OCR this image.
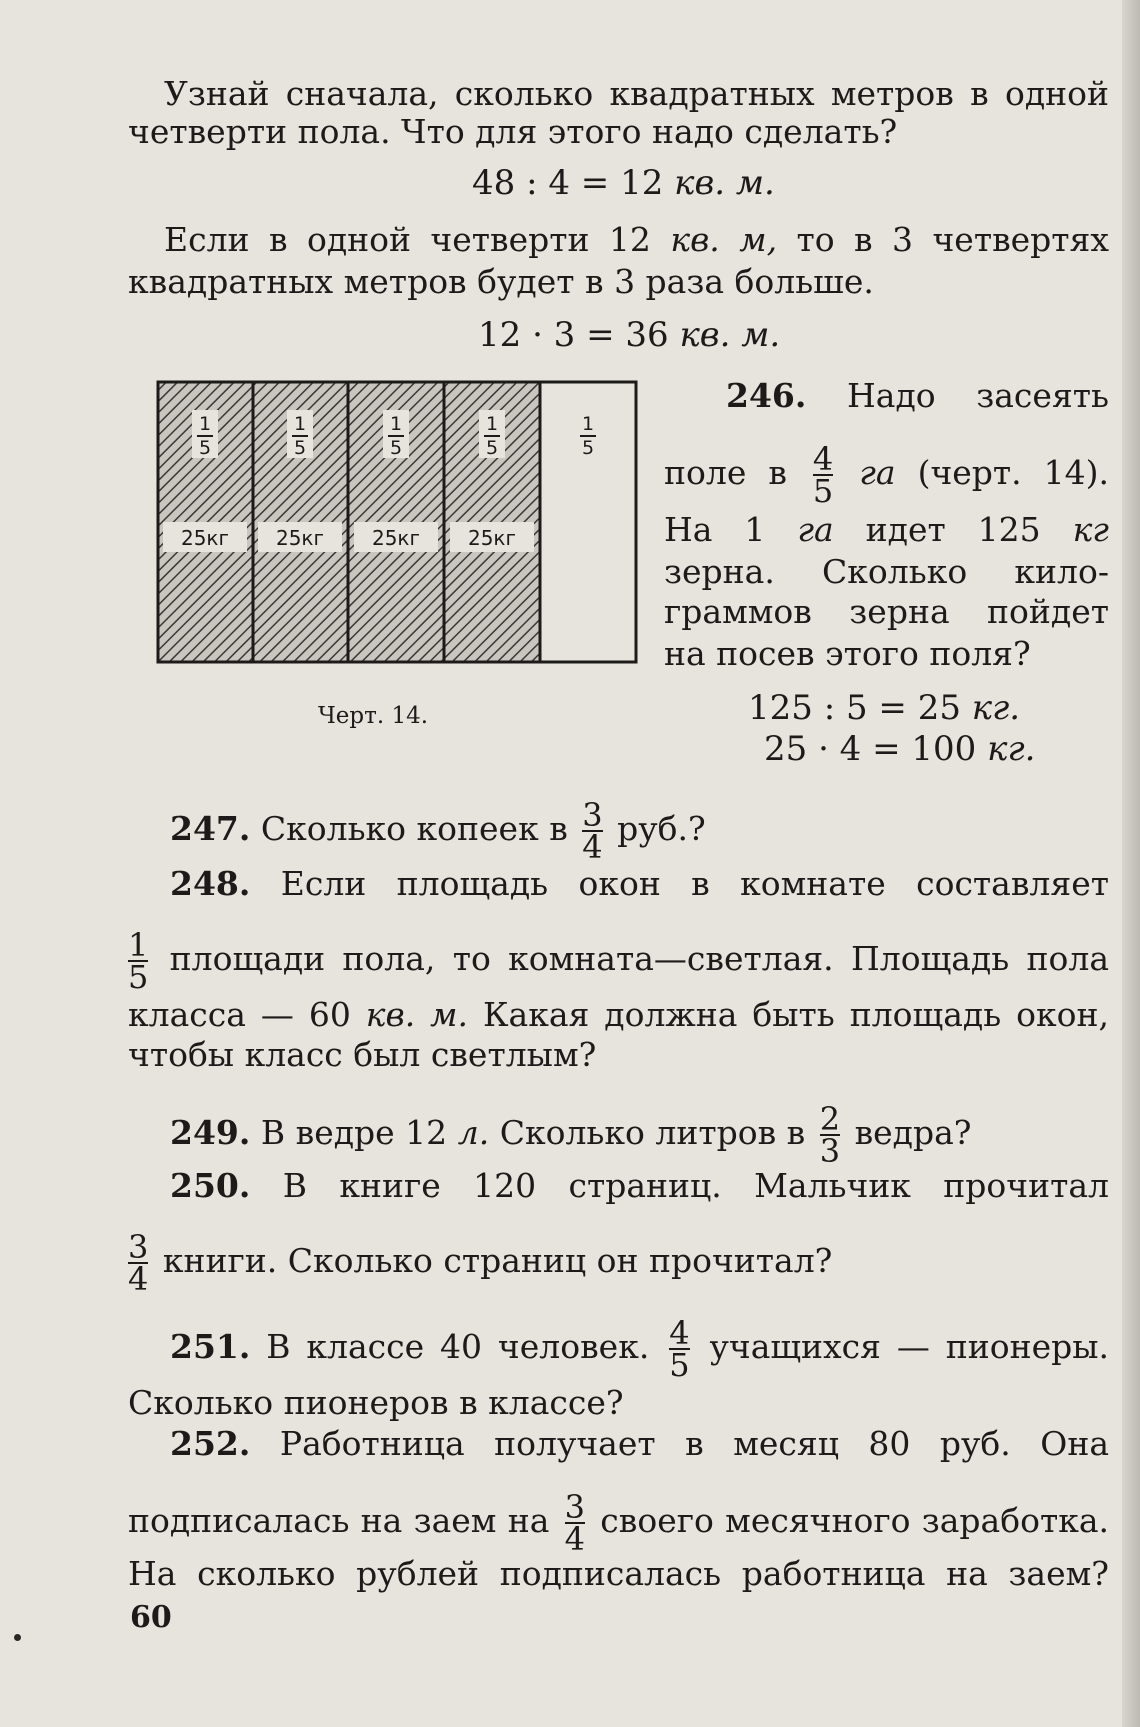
Узнай сначала, сколько квадратных метров в одной
четверти пола. Что для этого надо сделать?
48 : 4 = 12 кв. м.
Если в одной четверти 12 кв. м, то в 3 четвертях
квадратных метров будет в 3 раза больше.
12 · 3 = 36 кв. м.
1
5
25кг
1
5
25кг
1
5
25кг
1
5
25кг
1
5
Черт. 14.
246. Надо засеять
поле в $\frac{4}{5}$ га (черт. 14).
На 1 га идет 125 кг
зерна. Сколько кило-
граммов зерна пойдет
на посев этого поля?
125 : 5 = 25 кг.
25 · 4 = 100 кг.
247. Сколько копеек в $\frac{3}{4}$ руб.?
248. Если площадь окон в комнате составляет
$\frac{1}{5}$ площади пола, то комната—светлая. Площадь пола
класса — 60 кв. м. Какая должна быть площадь окон,
чтобы класс был светлым?
249. В ведре 12 л. Сколько литров в $\frac{2}{3}$ ведра?
250. В книге 120 страниц. Мальчик прочитал
$\frac{3}{4}$ книги. Сколько страниц он прочитал?
251. В классе 40 человек. $\frac{4}{5}$ учащихся — пионеры.
Сколько пионеров в классе?
252. Работница получает в месяц 80 руб. Она
подписалась на заем на $\frac{3}{4}$ своего месячного заработка.
На сколько рублей подписалась работница на заем?
60
